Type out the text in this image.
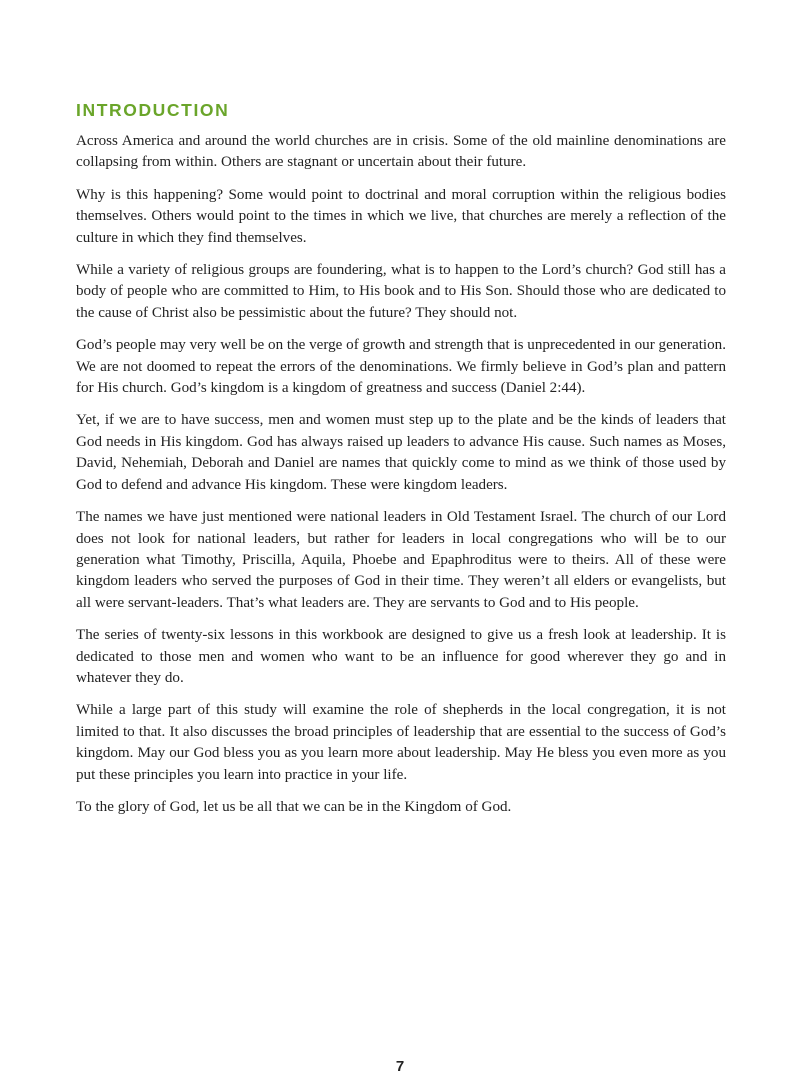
INTRODUCTION

Across America and around the world churches are in crisis. Some of the old mainline denominations are collapsing from within. Others are stagnant or uncertain about their future.

Why is this happening? Some would point to doctrinal and moral corruption within the religious bodies themselves. Others would point to the times in which we live, that churches are merely a reflection of the culture in which they find themselves.

While a variety of religious groups are foundering, what is to happen to the Lord’s church? God still has a body of people who are committed to Him, to His book and to His Son. Should those who are dedicated to the cause of Christ also be pessimistic about the future? They should not.

God’s people may very well be on the verge of growth and strength that is unprecedented in our generation. We are not doomed to repeat the errors of the denominations. We firmly believe in God’s plan and pattern for His church. God’s kingdom is a kingdom of greatness and success (Daniel 2:44).

Yet, if we are to have success, men and women must step up to the plate and be the kinds of leaders that God needs in His kingdom. God has always raised up leaders to advance His cause. Such names as Moses, David, Nehemiah, Deborah and Daniel are names that quickly come to mind as we think of those used by God to defend and advance His kingdom. These were kingdom leaders.

The names we have just mentioned were national leaders in Old Testament Israel. The church of our Lord does not look for national leaders, but rather for leaders in local congregations who will be to our generation what Timothy, Priscilla, Aquila, Phoebe and Epaphroditus were to theirs. All of these were kingdom leaders who served the purposes of God in their time. They weren’t all elders or evangelists, but all were servant-leaders. That’s what leaders are. They are servants to God and to His people.

The series of twenty-six lessons in this workbook are designed to give us a fresh look at leadership. It is dedicated to those men and women who want to be an influence for good wherever they go and in whatever they do.

While a large part of this study will examine the role of shepherds in the local congregation, it is not limited to that. It also discusses the broad principles of leadership that are essential to the success of God’s kingdom. May our God bless you as you learn more about leadership. May He bless you even more as you put these principles you learn into practice in your life.

To the glory of God, let us be all that we can be in the Kingdom of God.

7
